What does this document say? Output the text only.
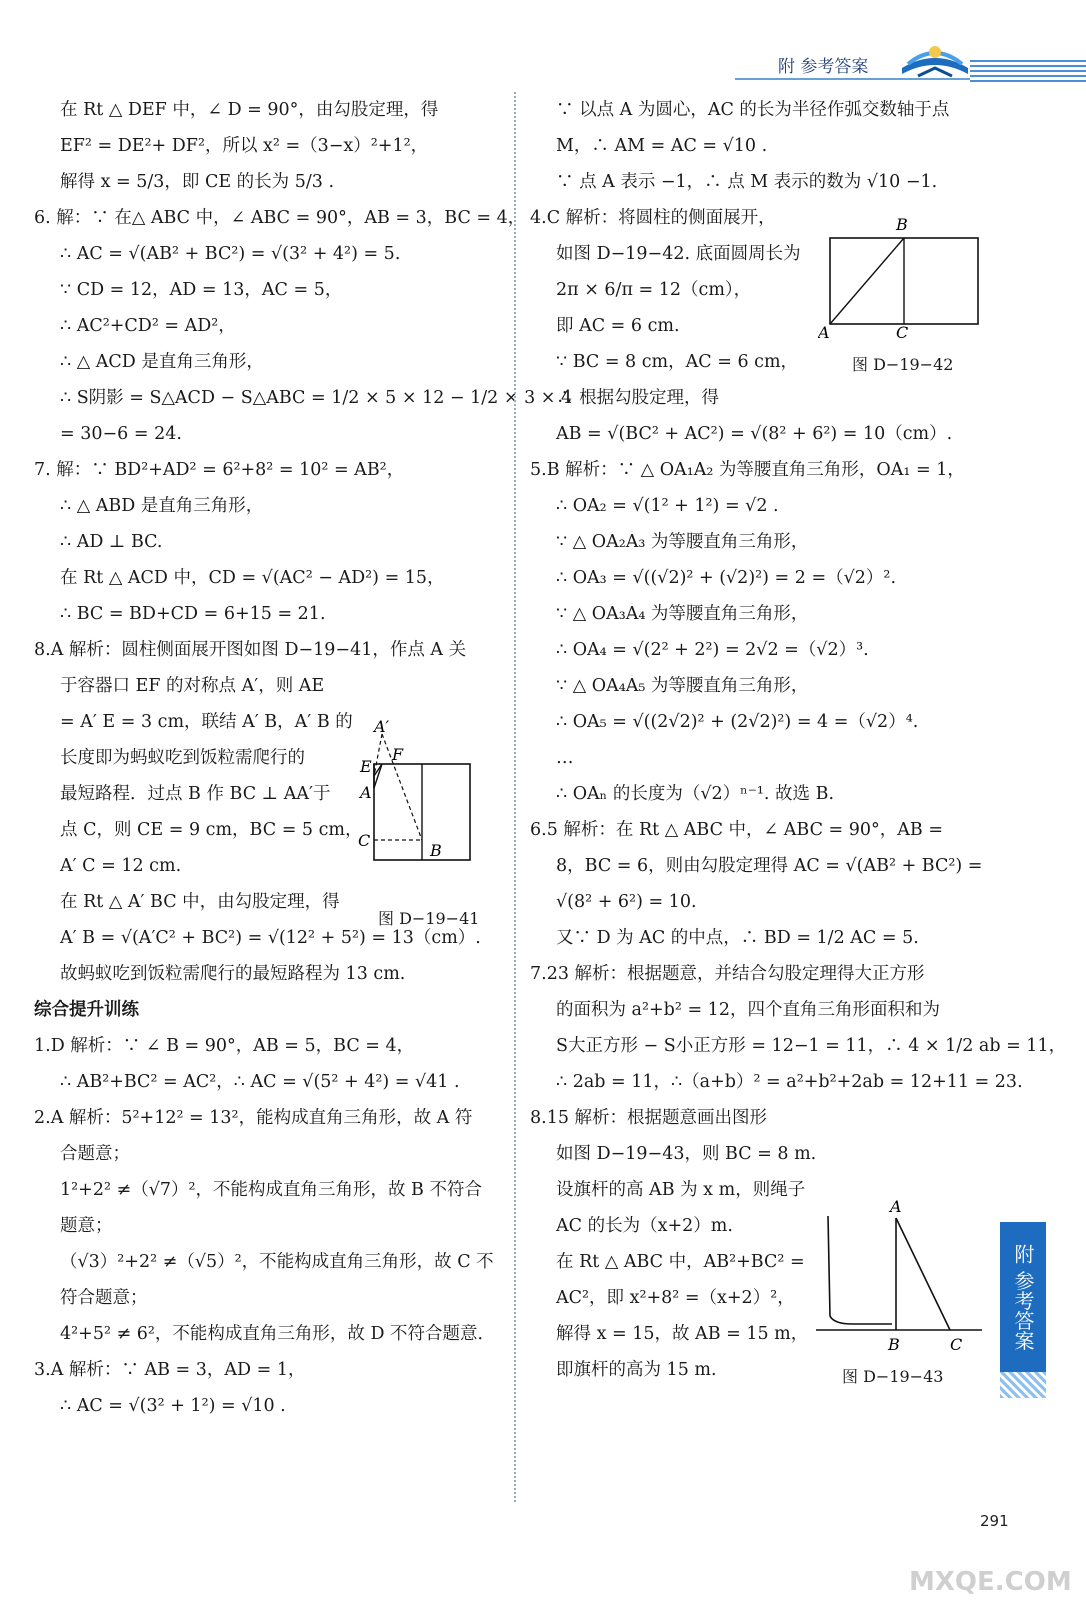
附 参考答案
在 Rt △ DEF 中，∠ D = 90°，由勾股定理，得
EF² = DE²+ DF²，所以 x² =（3−x）²+1²，
解得 x = 5/3，即 CE 的长为 5/3 .
6. 解：∵ 在△ ABC 中，∠ ABC = 90°，AB = 3，BC = 4，
∴ AC = √(AB² + BC²) = √(3² + 4²) = 5.
∵ CD = 12，AD = 13，AC = 5，
∴ AC²+CD² = AD²，
∴ △ ACD 是直角三角形，
∴ S阴影 = S△ACD − S△ABC = 1/2 × 5 × 12 − 1/2 × 3 × 4
= 30−6 = 24.
7. 解：∵ BD²+AD² = 6²+8² = 10² = AB²，
∴ △ ABD 是直角三角形，
∴ AD ⊥ BC.
在 Rt △ ACD 中，CD = √(AC² − AD²) = 15，
∴ BC = BD+CD = 6+15 = 21.
8.A 解析：圆柱侧面展开图如图 D−19−41，作点 A 关
于容器口 EF 的对称点 A′，则 AE
= A′ E = 3 cm，联结 A′ B，A′ B 的
长度即为蚂蚁吃到饭粒需爬行的
最短路程．过点 B 作 BC ⊥ AA′于
点 C，则 CE = 9 cm，BC = 5 cm，
A′ C = 12 cm.
在 Rt △ A′ BC 中，由勾股定理，得
A′ B = √(A′C² + BC²) = √(12² + 5²) = 13（cm）.
故蚂蚁吃到饭粒需爬行的最短路程为 13 cm.
综合提升训练
1.D 解析：∵ ∠ B = 90°，AB = 5，BC = 4，
∴ AB²+BC² = AC²，∴ AC = √(5² + 4²) = √41 .
2.A 解析：5²+12² = 13²，能构成直角三角形，故 A 符
合题意；
1²+2² ≠（√7）²，不能构成直角三角形，故 B 不符合
题意；
（√3）²+2² ≠（√5）²，不能构成直角三角形，故 C 不
符合题意；
4²+5² ≠ 6²，不能构成直角三角形，故 D 不符合题意．
3.A 解析：∵ AB = 3，AD = 1，
∴ AC = √(3² + 1²) = √10 .
∵ 以点 A 为圆心，AC 的长为半径作弧交数轴于点
M，∴ AM = AC = √10 .
∵ 点 A 表示 −1，∴ 点 M 表示的数为 √10 −1.
4.C 解析：将圆柱的侧面展开，
如图 D−19−42. 底面圆周长为
2π × 6/π = 12（cm），
即 AC = 6 cm.
∵ BC = 8 cm，AC = 6 cm，
∴ 根据勾股定理，得
AB = √(BC² + AC²) = √(8² + 6²) = 10（cm）.
5.B 解析：∵ △ OA₁A₂ 为等腰直角三角形，OA₁ = 1，
∴ OA₂ = √(1² + 1²) = √2 .
∵ △ OA₂A₃ 为等腰直角三角形，
∴ OA₃ = √((√2)² + (√2)²) = 2 =（√2）².
∵ △ OA₃A₄ 为等腰直角三角形，
∴ OA₄ = √(2² + 2²) = 2√2 =（√2）³.
∵ △ OA₄A₅ 为等腰直角三角形，
∴ OA₅ = √((2√2)² + (2√2)²) = 4 =（√2）⁴.
…
∴ OAₙ 的长度为（√2）ⁿ⁻¹. 故选 B.
6.5 解析：在 Rt △ ABC 中，∠ ABC = 90°，AB =
8，BC = 6，则由勾股定理得 AC = √(AB² + BC²) =
√(8² + 6²) = 10.
又∵ D 为 AC 的中点，∴ BD = 1/2 AC = 5.
7.23 解析：根据题意，并结合勾股定理得大正方形
的面积为 a²+b² = 12，四个直角三角形面积和为
S大正方形 − S小正方形 = 12−1 = 11，∴ 4 × 1/2 ab = 11，
∴ 2ab = 11，∴（a+b）² = a²+b²+2ab = 12+11 = 23.
8.15 解析：根据题意画出图形
如图 D−19−43，则 BC = 8 m.
设旗杆的高 AB 为 x m，则绳子
AC 的长为（x+2）m.
在 Rt △ ABC 中，AB²+BC² =
AC²，即 x²+8² =（x+2）²，
解得 x = 15，故 AB = 15 m，
即旗杆的高为 15 m.
A′
F
E
A
C
B
图 D−19−41
B
A	C
图 D−19−42
A
B	C
图 D−19−43
附 参考答案
291
MXQE.COM
